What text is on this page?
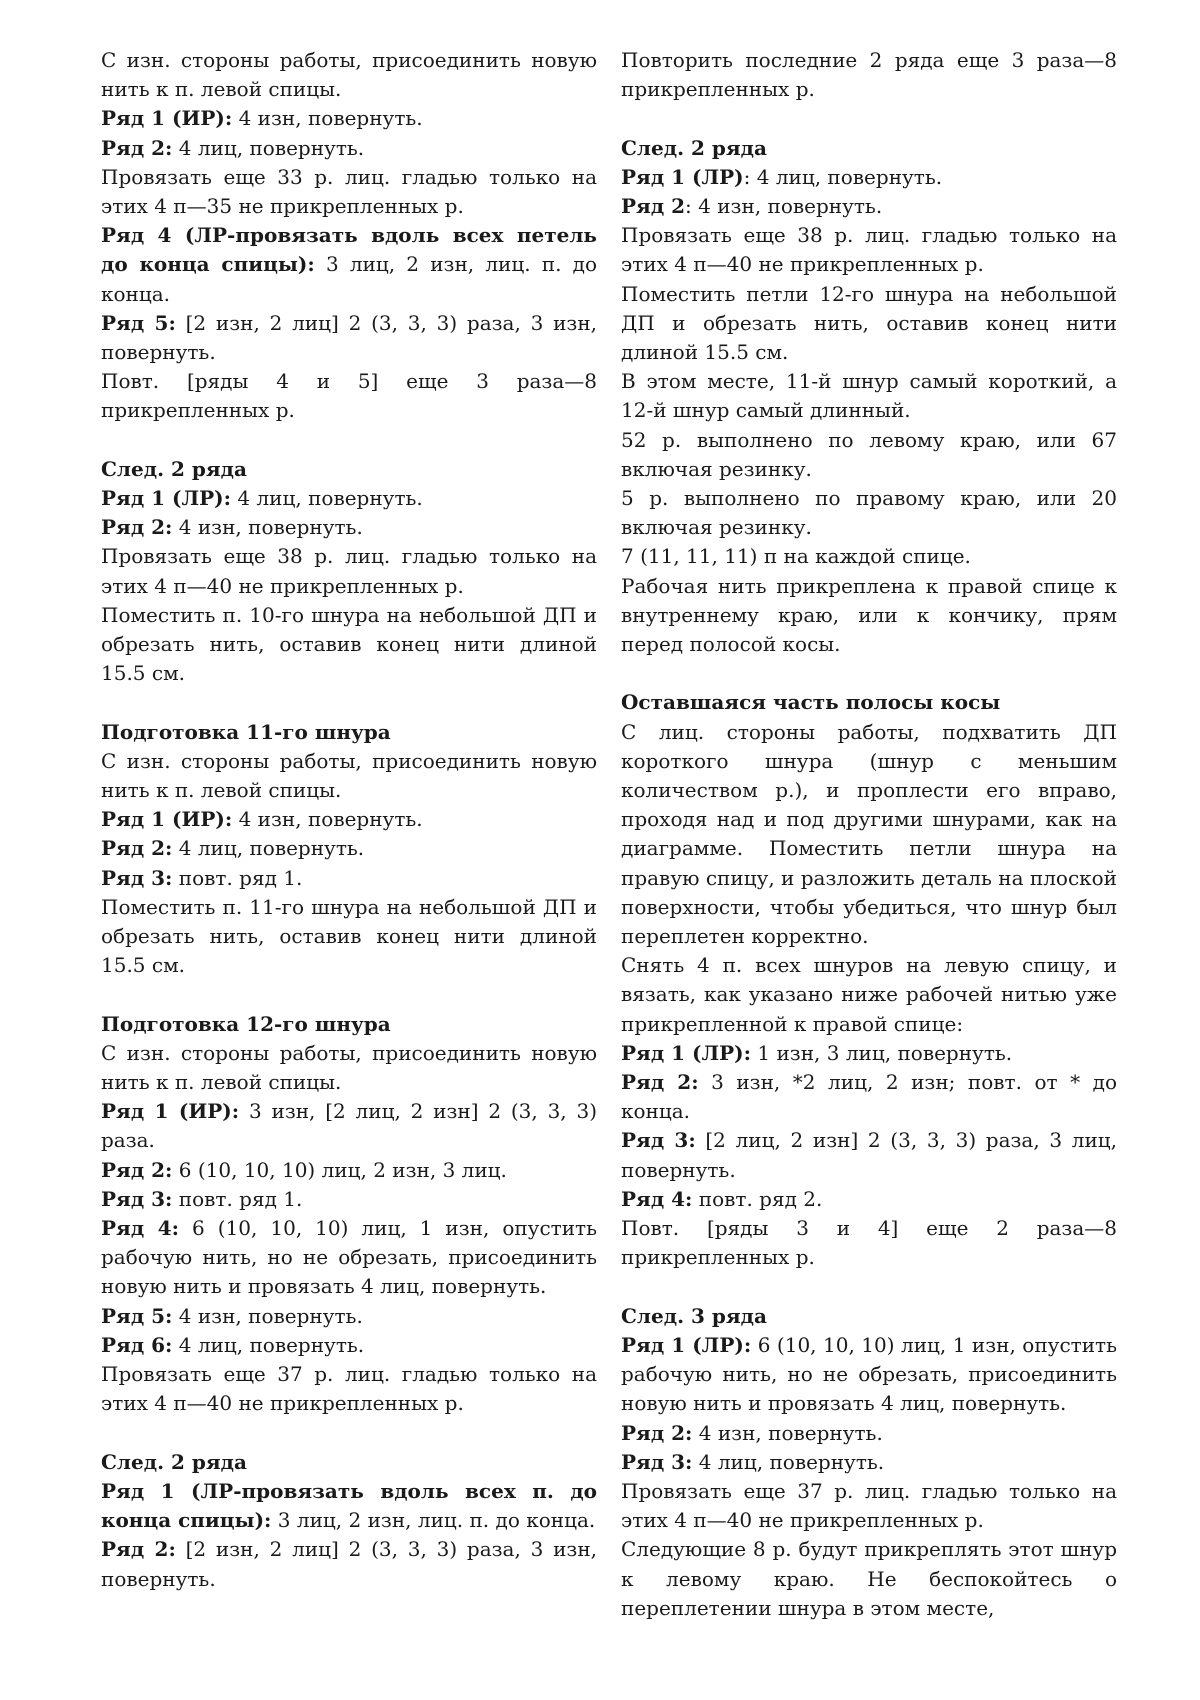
С изн. стороны работы, присоединить новую нить к п. левой спицы.

Ряд 1 (ИР): 4 изн, повернуть.

Ряд 2: 4 лиц, повернуть.

Провязать еще 33 р. лиц. гладью только на этих 4 п—35 не прикрепленных р.

Ряд 4 (ЛР-провязать вдоль всех петель до конца спицы): 3 лиц, 2 изн, лиц. п. до конца.

Ряд 5: [2 изн, 2 лиц] 2 (3, 3, 3) раза, 3 изн, повернуть.

Повт. [ряды 4 и 5] еще 3 раза—8 прикрепленных р.

След. 2 ряда

Ряд 1 (ЛР): 4 лиц, повернуть.

Ряд 2: 4 изн, повернуть.

Провязать еще 38 р. лиц. гладью только на этих 4 п—40 не прикрепленных р.

Поместить п. 10-го шнура на небольшой ДП и обрезать нить, оставив конец нити длиной 15.5 см.

Подготовка 11-го шнура

С изн. стороны работы, присоединить новую нить к п. левой спицы.

Ряд 1 (ИР): 4 изн, повернуть.

Ряд 2: 4 лиц, повернуть.

Ряд 3: повт. ряд 1.

Поместить п. 11-го шнура на небольшой ДП и обрезать нить, оставив конец нити длиной 15.5 см.

Подготовка 12-го шнура

С изн. стороны работы, присоединить новую нить к п. левой спицы.

Ряд 1 (ИР): 3 изн, [2 лиц, 2 изн] 2 (3, 3, 3) раза.

Ряд 2: 6 (10, 10, 10) лиц, 2 изн, 3 лиц.

Ряд 3: повт. ряд 1.

Ряд 4: 6 (10, 10, 10) лиц, 1 изн, опустить рабочую нить, но не обрезать, присоединить новую нить и провязать 4 лиц, повернуть.

Ряд 5: 4 изн, повернуть.

Ряд 6: 4 лиц, повернуть.

Провязать еще 37 р. лиц. гладью только на этих 4 п—40 не прикрепленных р.

След. 2 ряда

Ряд 1 (ЛР-провязать вдоль всех п. до конца спицы): 3 лиц, 2 изн, лиц. п. до конца.

Ряд 2: [2 изн, 2 лиц] 2 (3, 3, 3) раза, 3 изн, повернуть.

Повторить последние 2 ряда еще 3 раза—8 прикрепленных р.

След. 2 ряда

Ряд 1 (ЛР): 4 лиц, повернуть.

Ряд 2: 4 изн, повернуть.

Провязать еще 38 р. лиц. гладью только на этих 4 п—40 не прикрепленных р.

Поместить петли 12-го шнура на небольшой ДП и обрезать нить, оставив конец нити длиной 15.5 см.

В этом месте, 11-й шнур самый короткий, а 12-й шнур самый длинный.

52 р. выполнено по левому краю, или 67 включая резинку.

5 р. выполнено по правому краю, или 20 включая резинку.

7 (11, 11, 11) п на каждой спице.

Рабочая нить прикреплена к правой спице к внутреннему краю, или к кончику, прям перед полосой косы.

Оставшаяся часть полосы косы

С лиц. стороны работы, подхватить ДП короткого шнура (шнур с меньшим количеством р.), и проплести его вправо, проходя над и под другими шнурами, как на диаграмме. Поместить петли шнура на правую спицу, и разложить деталь на плоской поверхности, чтобы убедиться, что шнур был переплетен корректно.

Снять 4 п. всех шнуров на левую спицу, и вязать, как указано ниже рабочей нитью уже прикрепленной к правой спице:

Ряд 1 (ЛР): 1 изн, 3 лиц, повернуть.

Ряд 2: 3 изн, *2 лиц, 2 изн; повт. от * до конца.

Ряд 3: [2 лиц, 2 изн] 2 (3, 3, 3) раза, 3 лиц, повернуть.

Ряд 4: повт. ряд 2.

Повт. [ряды 3 и 4] еще 2 раза—8 прикрепленных р.

След. 3 ряда

Ряд 1 (ЛР): 6 (10, 10, 10) лиц, 1 изн, опустить рабочую нить, но не обрезать, присоединить новую нить и провязать 4 лиц, повернуть.

Ряд 2: 4 изн, повернуть.

Ряд 3: 4 лиц, повернуть.

Провязать еще 37 р. лиц. гладью только на этих 4 п—40 не прикрепленных р.

Следующие 8 р. будут прикреплять этот шнур к левому краю. Не беспокойтесь о переплетении шнура в этом месте,
